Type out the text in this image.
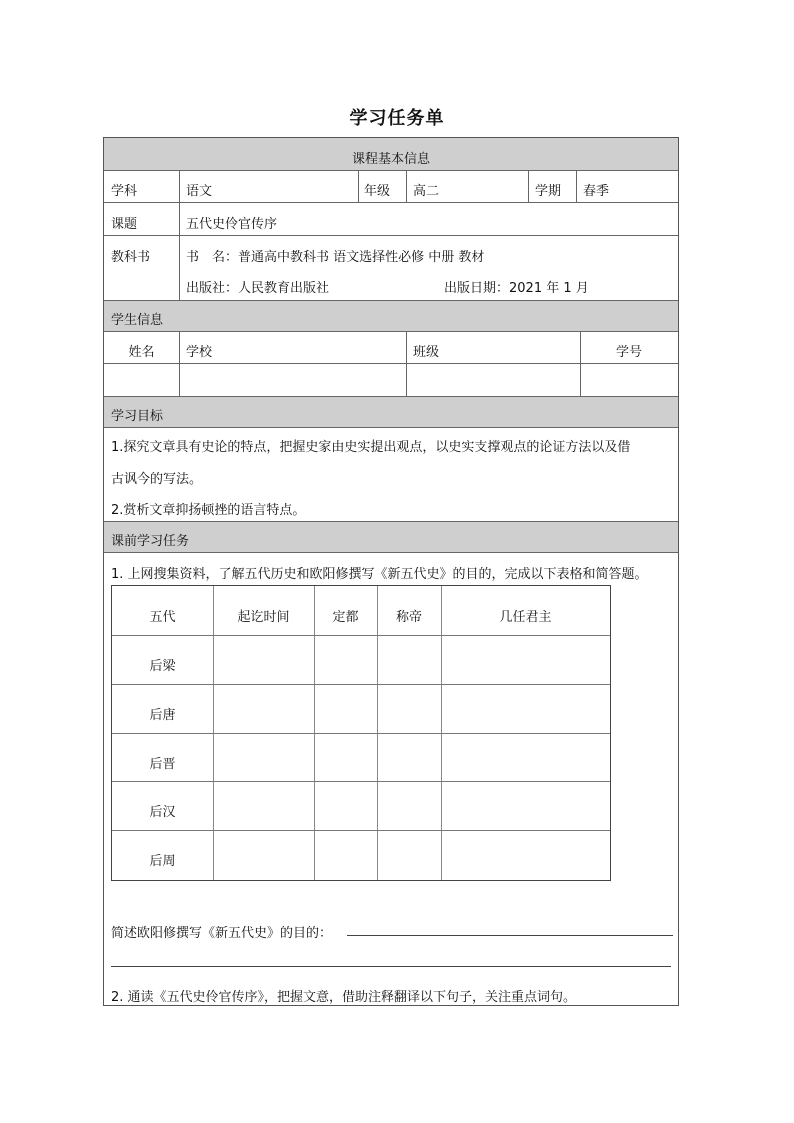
学习任务单
课程基本信息
学科	语文	年级 高二	学期 春季
课题	五代史伶官传序
教科书	书　名：普通高中教科书 语文选择性必修 中册 教材
出版社：人民教育出版社	出版日期：2021 年 1 月
学生信息
姓名	学校	班级	学号
学习目标
1.探究文章具有史论的特点，把握史家由史实提出观点，以史实支撑观点的论证方法以及借
古讽今的写法。
2.赏析文章抑扬顿挫的语言特点。
课前学习任务
1. 上网搜集资料，了解五代历史和欧阳修撰写《新五代史》的目的，完成以下表格和简答题。
五代	起讫时间	定都	称帝	几任君主
后梁
后唐
后晋
后汉
后周
简述欧阳修撰写《新五代史》的目的：
2. 通读《五代史伶官传序》，把握文意，借助注释翻译以下句子，关注重点词句。
